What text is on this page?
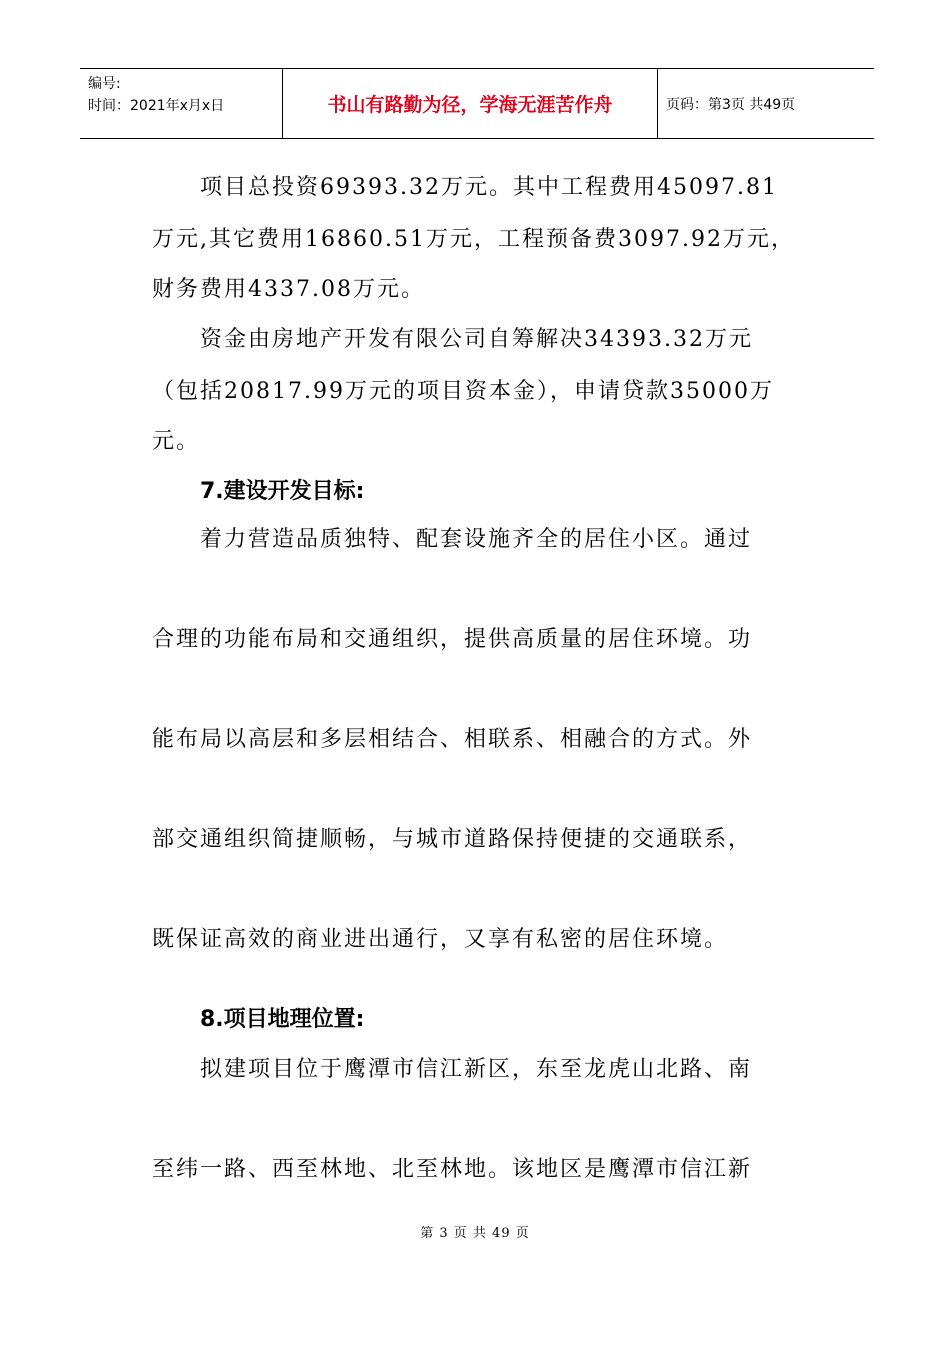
编号:
时间：2021年x月x日	书山有路勤为径，学海无涯苦作舟	页码：第3页 共49页
项目总投资69393.32万元。其中工程费用45097.81
万元,其它费用16860.51万元，工程预备费3097.92万元，
财务费用4337.08万元。
资金由房地产开发有限公司自筹解决34393.32万元
（包括20817.99万元的项目资本金），申请贷款35000万
元。
7.建设开发目标:
着力营造品质独特、配套设施齐全的居住小区。通过
合理的功能布局和交通组织，提供高质量的居住环境。功
能布局以高层和多层相结合、相联系、相融合的方式。外
部交通组织简捷顺畅，与城市道路保持便捷的交通联系，
既保证高效的商业进出通行，又享有私密的居住环境。
8.项目地理位置:
拟建项目位于鹰潭市信江新区，东至龙虎山北路、南
至纬一路、西至林地、北至林地。该地区是鹰潭市信江新
第 3 页 共 49 页
